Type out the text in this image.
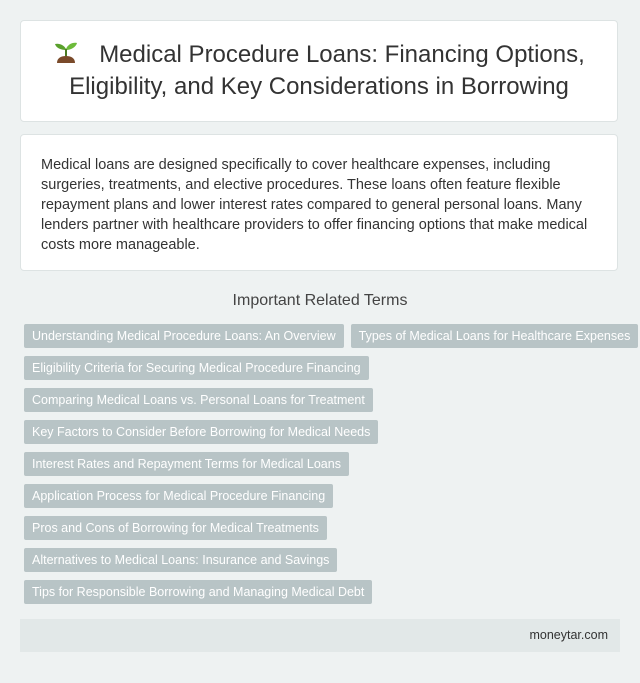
Medical Procedure Loans: Financing Options, Eligibility, and Key Considerations in Borrowing

Medical loans are designed specifically to cover healthcare expenses, including surgeries, treatments, and elective procedures. These loans often feature flexible repayment plans and lower interest rates compared to general personal loans. Many lenders partner with healthcare providers to offer financing options that make medical costs more manageable.

Important Related Terms
Understanding Medical Procedure Loans: An Overview	Types of Medical Loans for Healthcare Expenses
Eligibility Criteria for Securing Medical Procedure Financing
Comparing Medical Loans vs. Personal Loans for Treatment
Key Factors to Consider Before Borrowing for Medical Needs
Interest Rates and Repayment Terms for Medical Loans
Application Process for Medical Procedure Financing
Pros and Cons of Borrowing for Medical Treatments
Alternatives to Medical Loans: Insurance and Savings
Tips for Responsible Borrowing and Managing Medical Debt
moneytar.com
